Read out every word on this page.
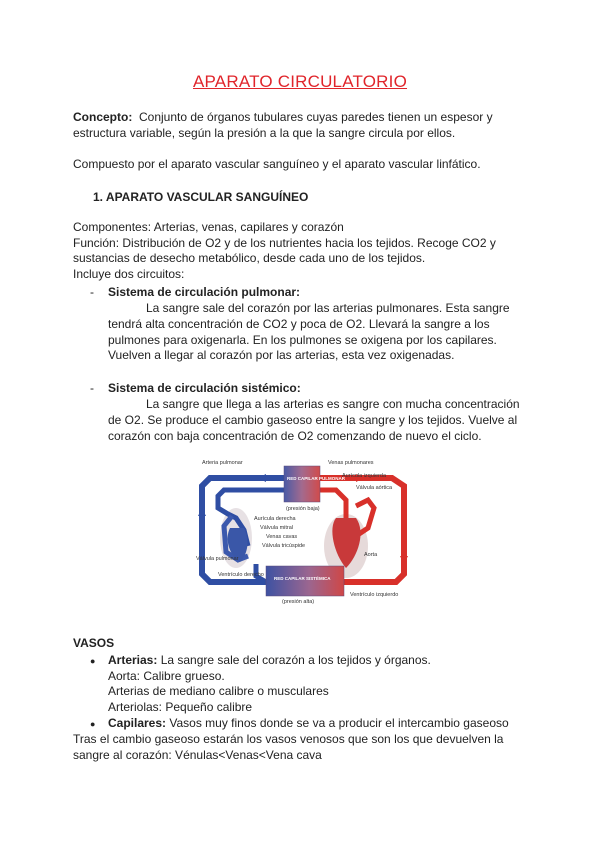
APARATO CIRCULATORIO
Concepto: Conjunto de órganos tubulares cuyas paredes tienen un espesor y
estructura variable, según la presión a la que la sangre circula por ellos.
Compuesto por el aparato vascular sanguíneo y el aparato vascular linfático.
1. APARATO VASCULAR SANGUÍNEO
Componentes: Arterias, venas, capilares y corazón
Función: Distribución de O2 y de los nutrientes hacia los tejidos. Recoge CO2 y
sustancias de desecho metabólico, desde cada uno de los tejidos.
Incluye dos circuitos:
- Sistema de circulación pulmonar:
La sangre sale del corazón por las arterias pulmonares. Esta sangre
tendrá alta concentración de CO2 y poca de O2. Llevará la sangre a los
pulmones para oxigenarla. En los pulmones se oxigena por los capilares.
Vuelven a llegar al corazón por las arterias, esta vez oxigenadas.
- Sistema de circulación sistémico:
La sangre que llega a las arterias es sangre con mucha concentración
de O2. Se produce el cambio gaseoso entre la sangre y los tejidos. Vuelve al
corazón con baja concentración de O2 comenzando de nuevo el ciclo.
Arteria pulmonar	Venas pulmonares
RED CAPILAR PULMONAR
(presión baja)
Aurícula izquierda
Válvula aórtica
Aurícula derecha
Válvula mitral
Venas cavas
Válvula tricúspide
Válvula pulmonar
Ventrículo derecho
Aorta
RED CAPILAR SISTÉMICA
(presión alta)
Ventrículo izquierdo
VASOS
● Arterias: La sangre sale del corazón a los tejidos y órganos.
Aorta: Calibre grueso.
Arterias de mediano calibre o musculares
Arteriolas: Pequeño calibre
● Capilares: Vasos muy finos donde se va a producir el intercambio gaseoso
Tras el cambio gaseoso estarán los vasos venosos que son los que devuelven la
sangre al corazón: Vénulas<Venas<Vena cava
